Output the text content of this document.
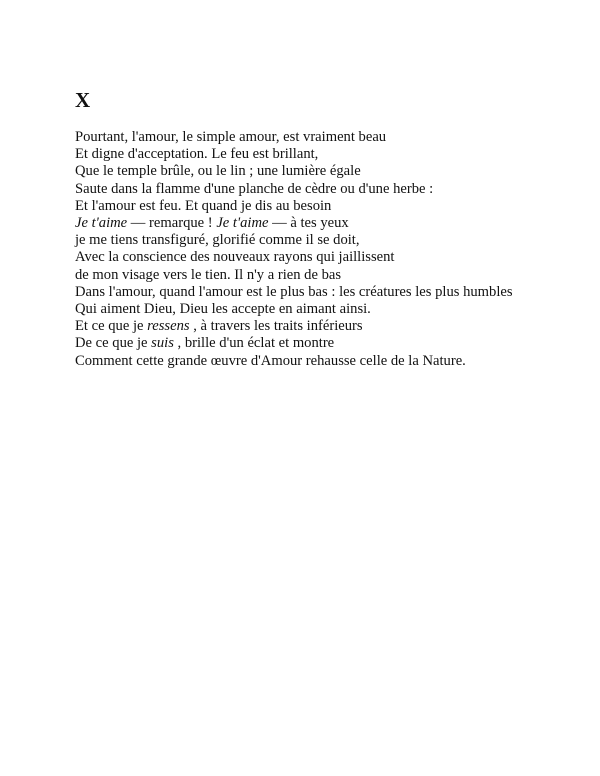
X
Pourtant, l'amour, le simple amour, est vraiment beau
Et digne d'acceptation. Le feu est brillant,
Que le temple brûle, ou le lin ; une lumière égale
Saute dans la flamme d'une planche de cèdre ou d'une herbe :
Et l'amour est feu. Et quand je dis au besoin
Je t'aime — remarque ! Je t'aime — à tes yeux
je me tiens transfiguré, glorifié comme il se doit,
Avec la conscience des nouveaux rayons qui jaillissent
de mon visage vers le tien. Il n'y a rien de bas
Dans l'amour, quand l'amour est le plus bas : les créatures les plus humbles
Qui aiment Dieu, Dieu les accepte en aimant ainsi.
Et ce que je ressens , à travers les traits inférieurs
De ce que je suis , brille d'un éclat et montre
Comment cette grande œuvre d'Amour rehausse celle de la Nature.
